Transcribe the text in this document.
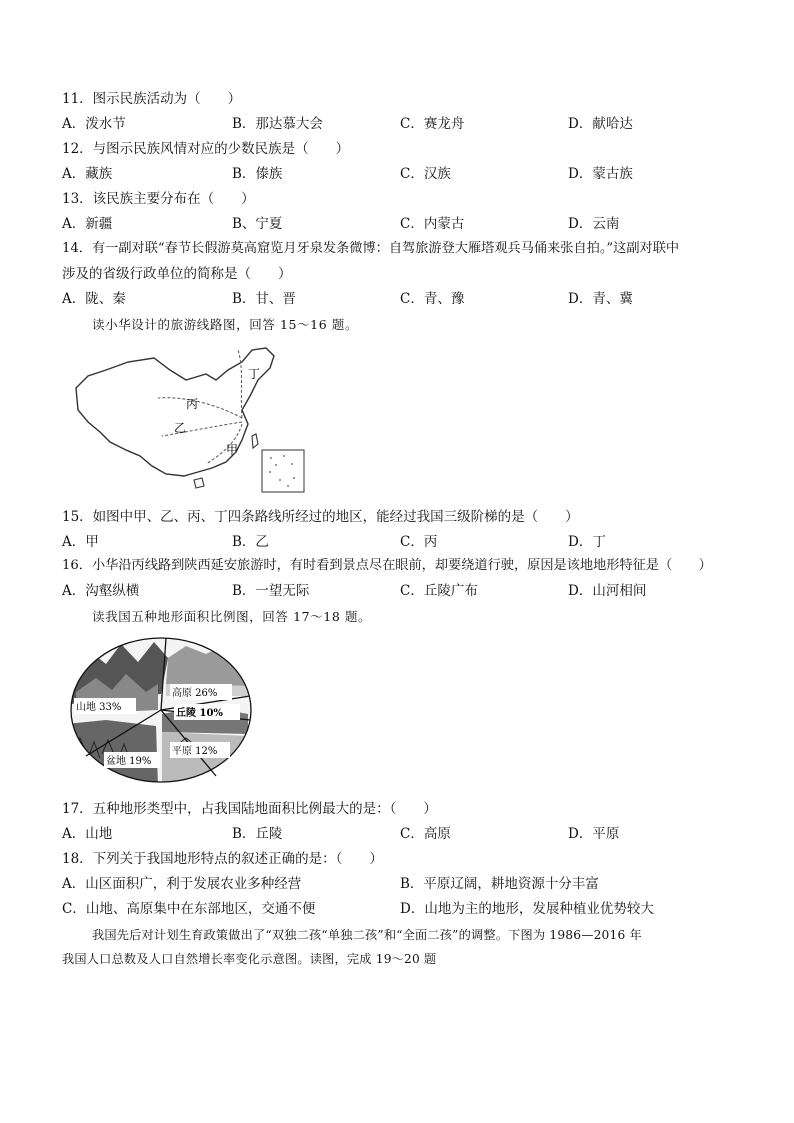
11．图示民族活动为（　　）
A．泼水节	B．那达慕大会	C．赛龙舟	D．献哈达
12．与图示民族风情对应的少数民族是（　　）
A．藏族	B．傣族	C．汉族	D．蒙古族
13．该民族主要分布在（　　）
A．新疆	B、宁夏	C．内蒙古	D．云南
14．有一副对联“春节长假游莫高窟览月牙泉发条微博：自驾旅游登大雁塔观兵马俑来张自拍。”这副对联中
涉及的省级行政单位的简称是（　　）
A．陇、秦	B．甘、晋	C．青、豫	D．青、冀
读小华设计的旅游线路图，回答 15～16 题。
丁
丙
乙
甲
15．如图中甲、乙、丙、丁四条路线所经过的地区，能经过我国三级阶梯的是（　　）
A．甲	B．乙	C．丙	D．丁
16．小华沿丙线路到陕西延安旅游时，有时看到景点尽在眼前，却要绕道行驶，原因是该地地形特征是（　　）
A．沟壑纵横	B．一望无际	C．丘陵广布	D．山河相间
读我国五种地形面积比例图，回答 17～18 题。
山地 33%
高原 26%
丘陵 10%
平原 12%
盆地 19%
17．五种地形类型中，占我国陆地面积比例最大的是：（　　）
A．山地	B．丘陵	C．高原	D．平原
18．下列关于我国地形特点的叙述正确的是：（　　）
A．山区面积广，利于发展农业多种经营	B．平原辽阔，耕地资源十分丰富
C．山地、高原集中在东部地区，交通不便	D．山地为主的地形，发展种植业优势较大
我国先后对计划生育政策做出了“双独二孩“单独二孩”和“全面二孩”的调整。下图为 1986—2016 年
我国人口总数及人口自然增长率变化示意图。读图，完成 19～20 题
